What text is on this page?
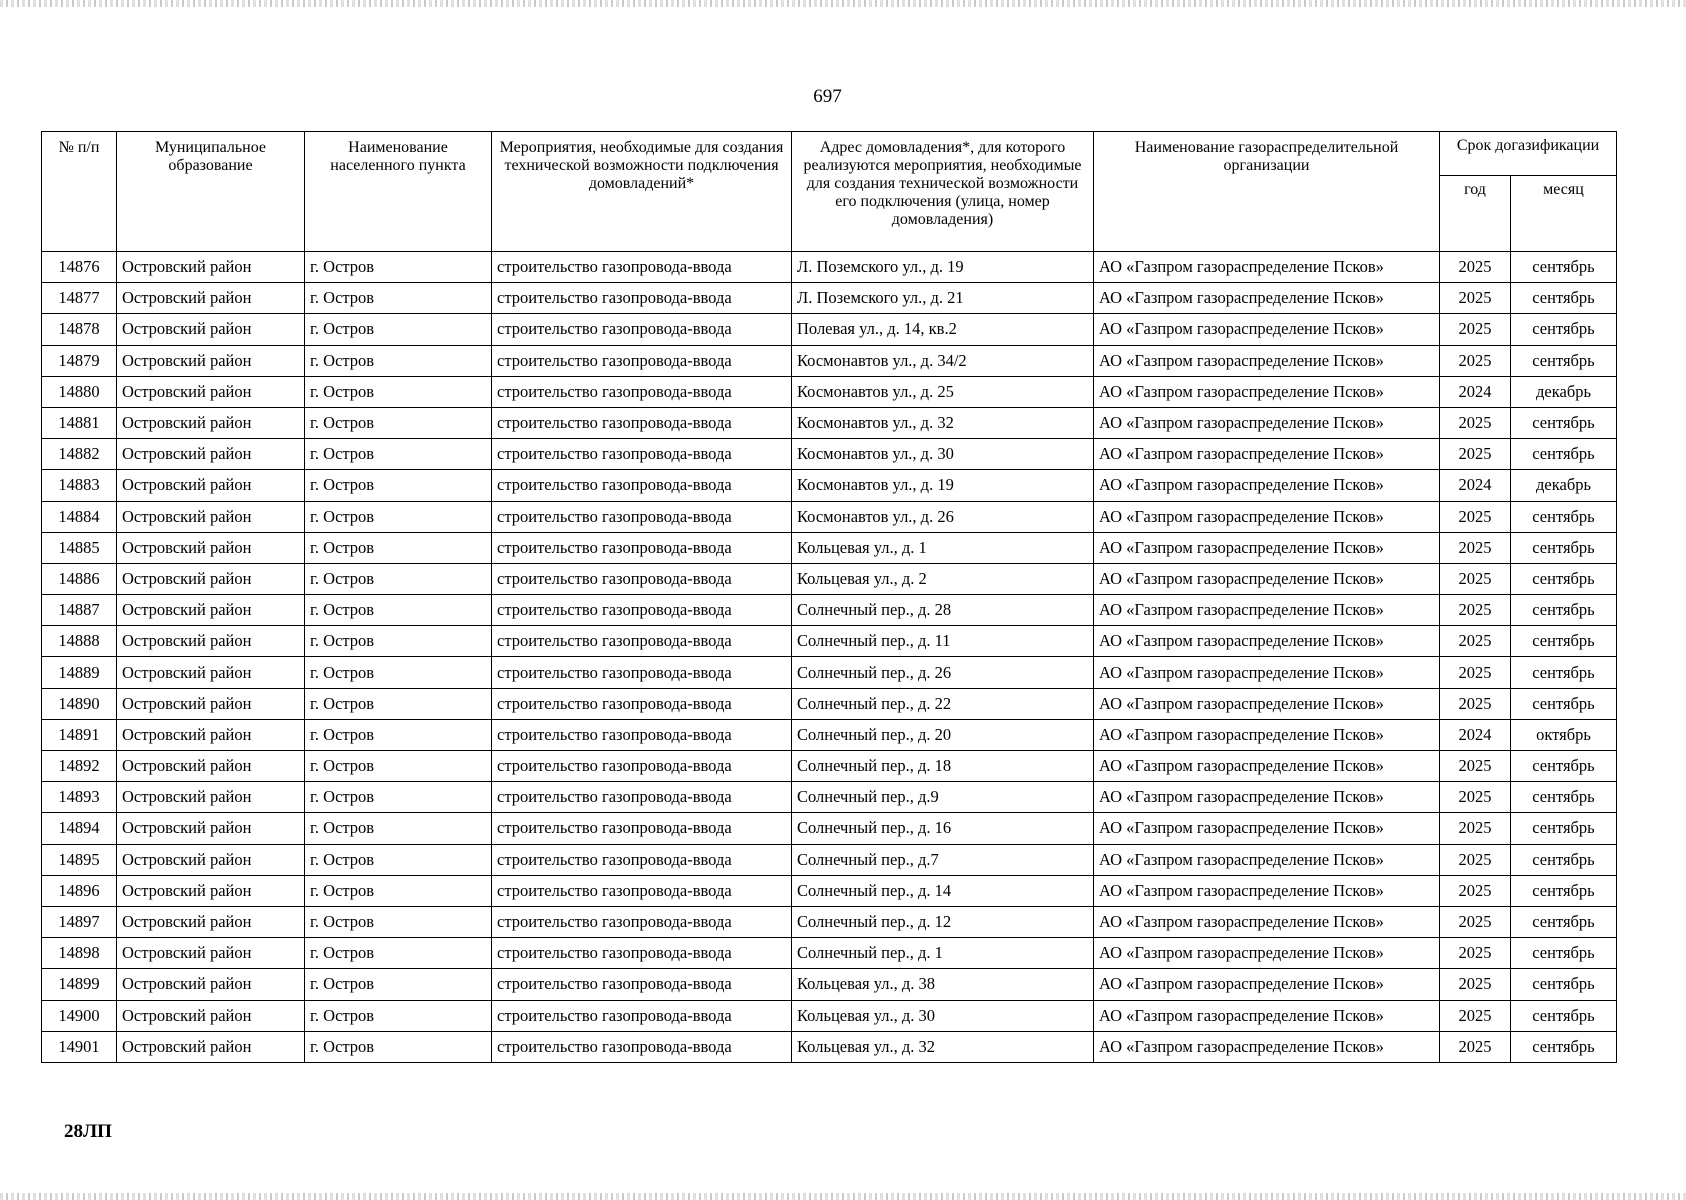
697
№ п/п	Муниципальное образование	Наименование населенного пункта	Мероприятия, необходимые для создания технической возможности подключения домовладений*	Адрес домовладения*, для которого реализуются мероприятия, необходимые для создания технической возможности его подключения (улица, номер домовладения)	Наименование газораспределительной организации	Срок догазификации	
						год	месяц
14876	Островский район	г. Остров	строительство газопровода-ввода	Л. Поземского ул., д. 19	АО «Газпром газораспределение Псков»	2025	сентябрь
14877	Островский район	г. Остров	строительство газопровода-ввода	Л. Поземского ул., д. 21	АО «Газпром газораспределение Псков»	2025	сентябрь
14878	Островский район	г. Остров	строительство газопровода-ввода	Полевая ул., д. 14, кв.2	АО «Газпром газораспределение Псков»	2025	сентябрь
14879	Островский район	г. Остров	строительство газопровода-ввода	Космонавтов ул., д. 34/2	АО «Газпром газораспределение Псков»	2025	сентябрь
14880	Островский район	г. Остров	строительство газопровода-ввода	Космонавтов ул., д. 25	АО «Газпром газораспределение Псков»	2024	декабрь
14881	Островский район	г. Остров	строительство газопровода-ввода	Космонавтов ул., д. 32	АО «Газпром газораспределение Псков»	2025	сентябрь
14882	Островский район	г. Остров	строительство газопровода-ввода	Космонавтов ул., д. 30	АО «Газпром газораспределение Псков»	2025	сентябрь
14883	Островский район	г. Остров	строительство газопровода-ввода	Космонавтов ул., д. 19	АО «Газпром газораспределение Псков»	2024	декабрь
14884	Островский район	г. Остров	строительство газопровода-ввода	Космонавтов ул., д. 26	АО «Газпром газораспределение Псков»	2025	сентябрь
14885	Островский район	г. Остров	строительство газопровода-ввода	Кольцевая ул., д. 1	АО «Газпром газораспределение Псков»	2025	сентябрь
14886	Островский район	г. Остров	строительство газопровода-ввода	Кольцевая ул., д. 2	АО «Газпром газораспределение Псков»	2025	сентябрь
14887	Островский район	г. Остров	строительство газопровода-ввода	Солнечный пер., д. 28	АО «Газпром газораспределение Псков»	2025	сентябрь
14888	Островский район	г. Остров	строительство газопровода-ввода	Солнечный пер., д. 11	АО «Газпром газораспределение Псков»	2025	сентябрь
14889	Островский район	г. Остров	строительство газопровода-ввода	Солнечный пер., д. 26	АО «Газпром газораспределение Псков»	2025	сентябрь
14890	Островский район	г. Остров	строительство газопровода-ввода	Солнечный пер., д. 22	АО «Газпром газораспределение Псков»	2025	сентябрь
14891	Островский район	г. Остров	строительство газопровода-ввода	Солнечный пер., д. 20	АО «Газпром газораспределение Псков»	2024	октябрь
14892	Островский район	г. Остров	строительство газопровода-ввода	Солнечный пер., д. 18	АО «Газпром газораспределение Псков»	2025	сентябрь
14893	Островский район	г. Остров	строительство газопровода-ввода	Солнечный пер., д.9	АО «Газпром газораспределение Псков»	2025	сентябрь
14894	Островский район	г. Остров	строительство газопровода-ввода	Солнечный пер., д. 16	АО «Газпром газораспределение Псков»	2025	сентябрь
14895	Островский район	г. Остров	строительство газопровода-ввода	Солнечный пер., д.7	АО «Газпром газораспределение Псков»	2025	сентябрь
14896	Островский район	г. Остров	строительство газопровода-ввода	Солнечный пер., д. 14	АО «Газпром газораспределение Псков»	2025	сентябрь
14897	Островский район	г. Остров	строительство газопровода-ввода	Солнечный пер., д. 12	АО «Газпром газораспределение Псков»	2025	сентябрь
14898	Островский район	г. Остров	строительство газопровода-ввода	Солнечный пер., д. 1	АО «Газпром газораспределение Псков»	2025	сентябрь
14899	Островский район	г. Остров	строительство газопровода-ввода	Кольцевая ул., д. 38	АО «Газпром газораспределение Псков»	2025	сентябрь
14900	Островский район	г. Остров	строительство газопровода-ввода	Кольцевая ул., д. 30	АО «Газпром газораспределение Псков»	2025	сентябрь
14901	Островский район	г. Остров	строительство газопровода-ввода	Кольцевая ул., д. 32	АО «Газпром газораспределение Псков»	2025	сентябрь
28ЛП
